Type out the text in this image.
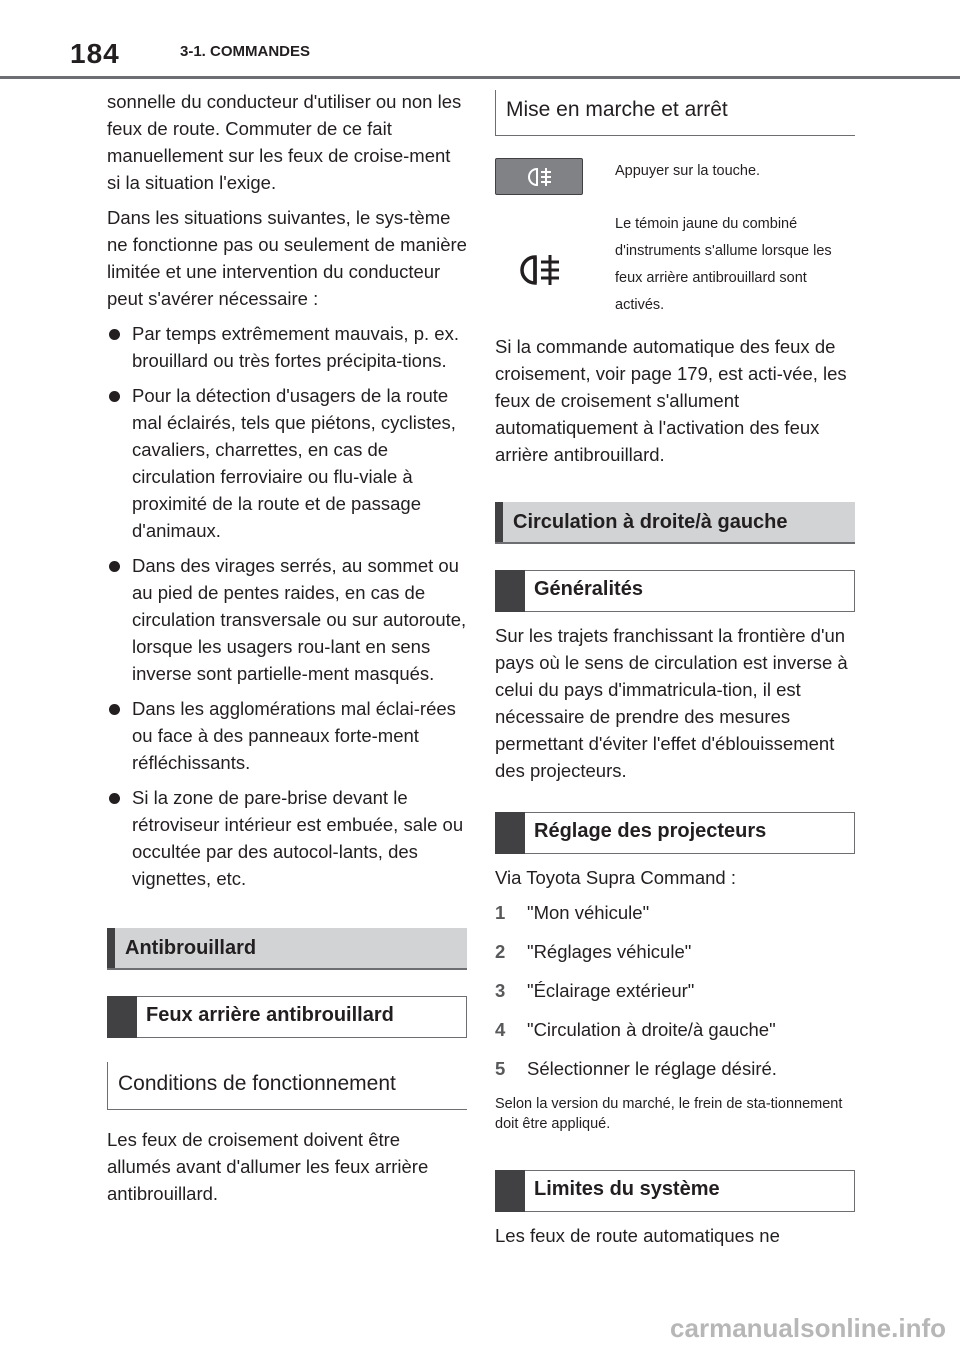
184	3-1. COMMANDES

sonnelle du conducteur d'utiliser ou non les feux de route. Commuter de ce fait manuellement sur les feux de croise-ment si la situation l'exige.

Dans les situations suivantes, le sys-tème ne fonctionne pas ou seulement de manière limitée et une intervention du conducteur peut s'avérer nécessaire :

Par temps extrêmement mauvais, p. ex. brouillard ou très fortes précipita-tions.
Pour la détection d'usagers de la route mal éclairés, tels que piétons, cyclistes, cavaliers, charrettes, en cas de circulation ferroviaire ou flu-viale à proximité de la route et de passage d'animaux.
Dans des virages serrés, au sommet ou au pied de pentes raides, en cas de circulation transversale ou sur autoroute, lorsque les usagers rou-lant en sens inverse sont partielle-ment masqués.
Dans les agglomérations mal éclai-rées ou face à des panneaux forte-ment réfléchissants.
Si la zone de pare-brise devant le rétroviseur intérieur est embuée, sale ou occultée par des autocol-lants, des vignettes, etc.
Antibrouillard
Feux arrière antibrouillard
Conditions de fonctionnement

Les feux de croisement doivent être allumés avant d'allumer les feux arrière antibrouillard.

Mise en marche et arrêt
Appuyer sur la touche.
Le témoin jaune du combiné d'instruments s'allume lorsque les feux arrière antibrouillard sont activés.

Si la commande automatique des feux de croisement, voir page 179, est acti-vée, les feux de croisement s'allument automatiquement à l'activation des feux arrière antibrouillard.

Circulation à droite/à gauche
Généralités

Sur les trajets franchissant la frontière d'un pays où le sens de circulation est inverse à celui du pays d'immatricula-tion, il est nécessaire de prendre des mesures permettant d'éviter l'effet d'éblouissement des projecteurs.

Réglage des projecteurs

Via Toyota Supra Command :

1 "Mon véhicule"
2 "Réglages véhicule"
3 "Éclairage extérieur"
4 "Circulation à droite/à gauche"
5 Sélectionner le réglage désiré.

Selon la version du marché, le frein de sta-tionnement doit être appliqué.

Limites du système

Les feux de route automatiques ne

carmanualsonline.info
